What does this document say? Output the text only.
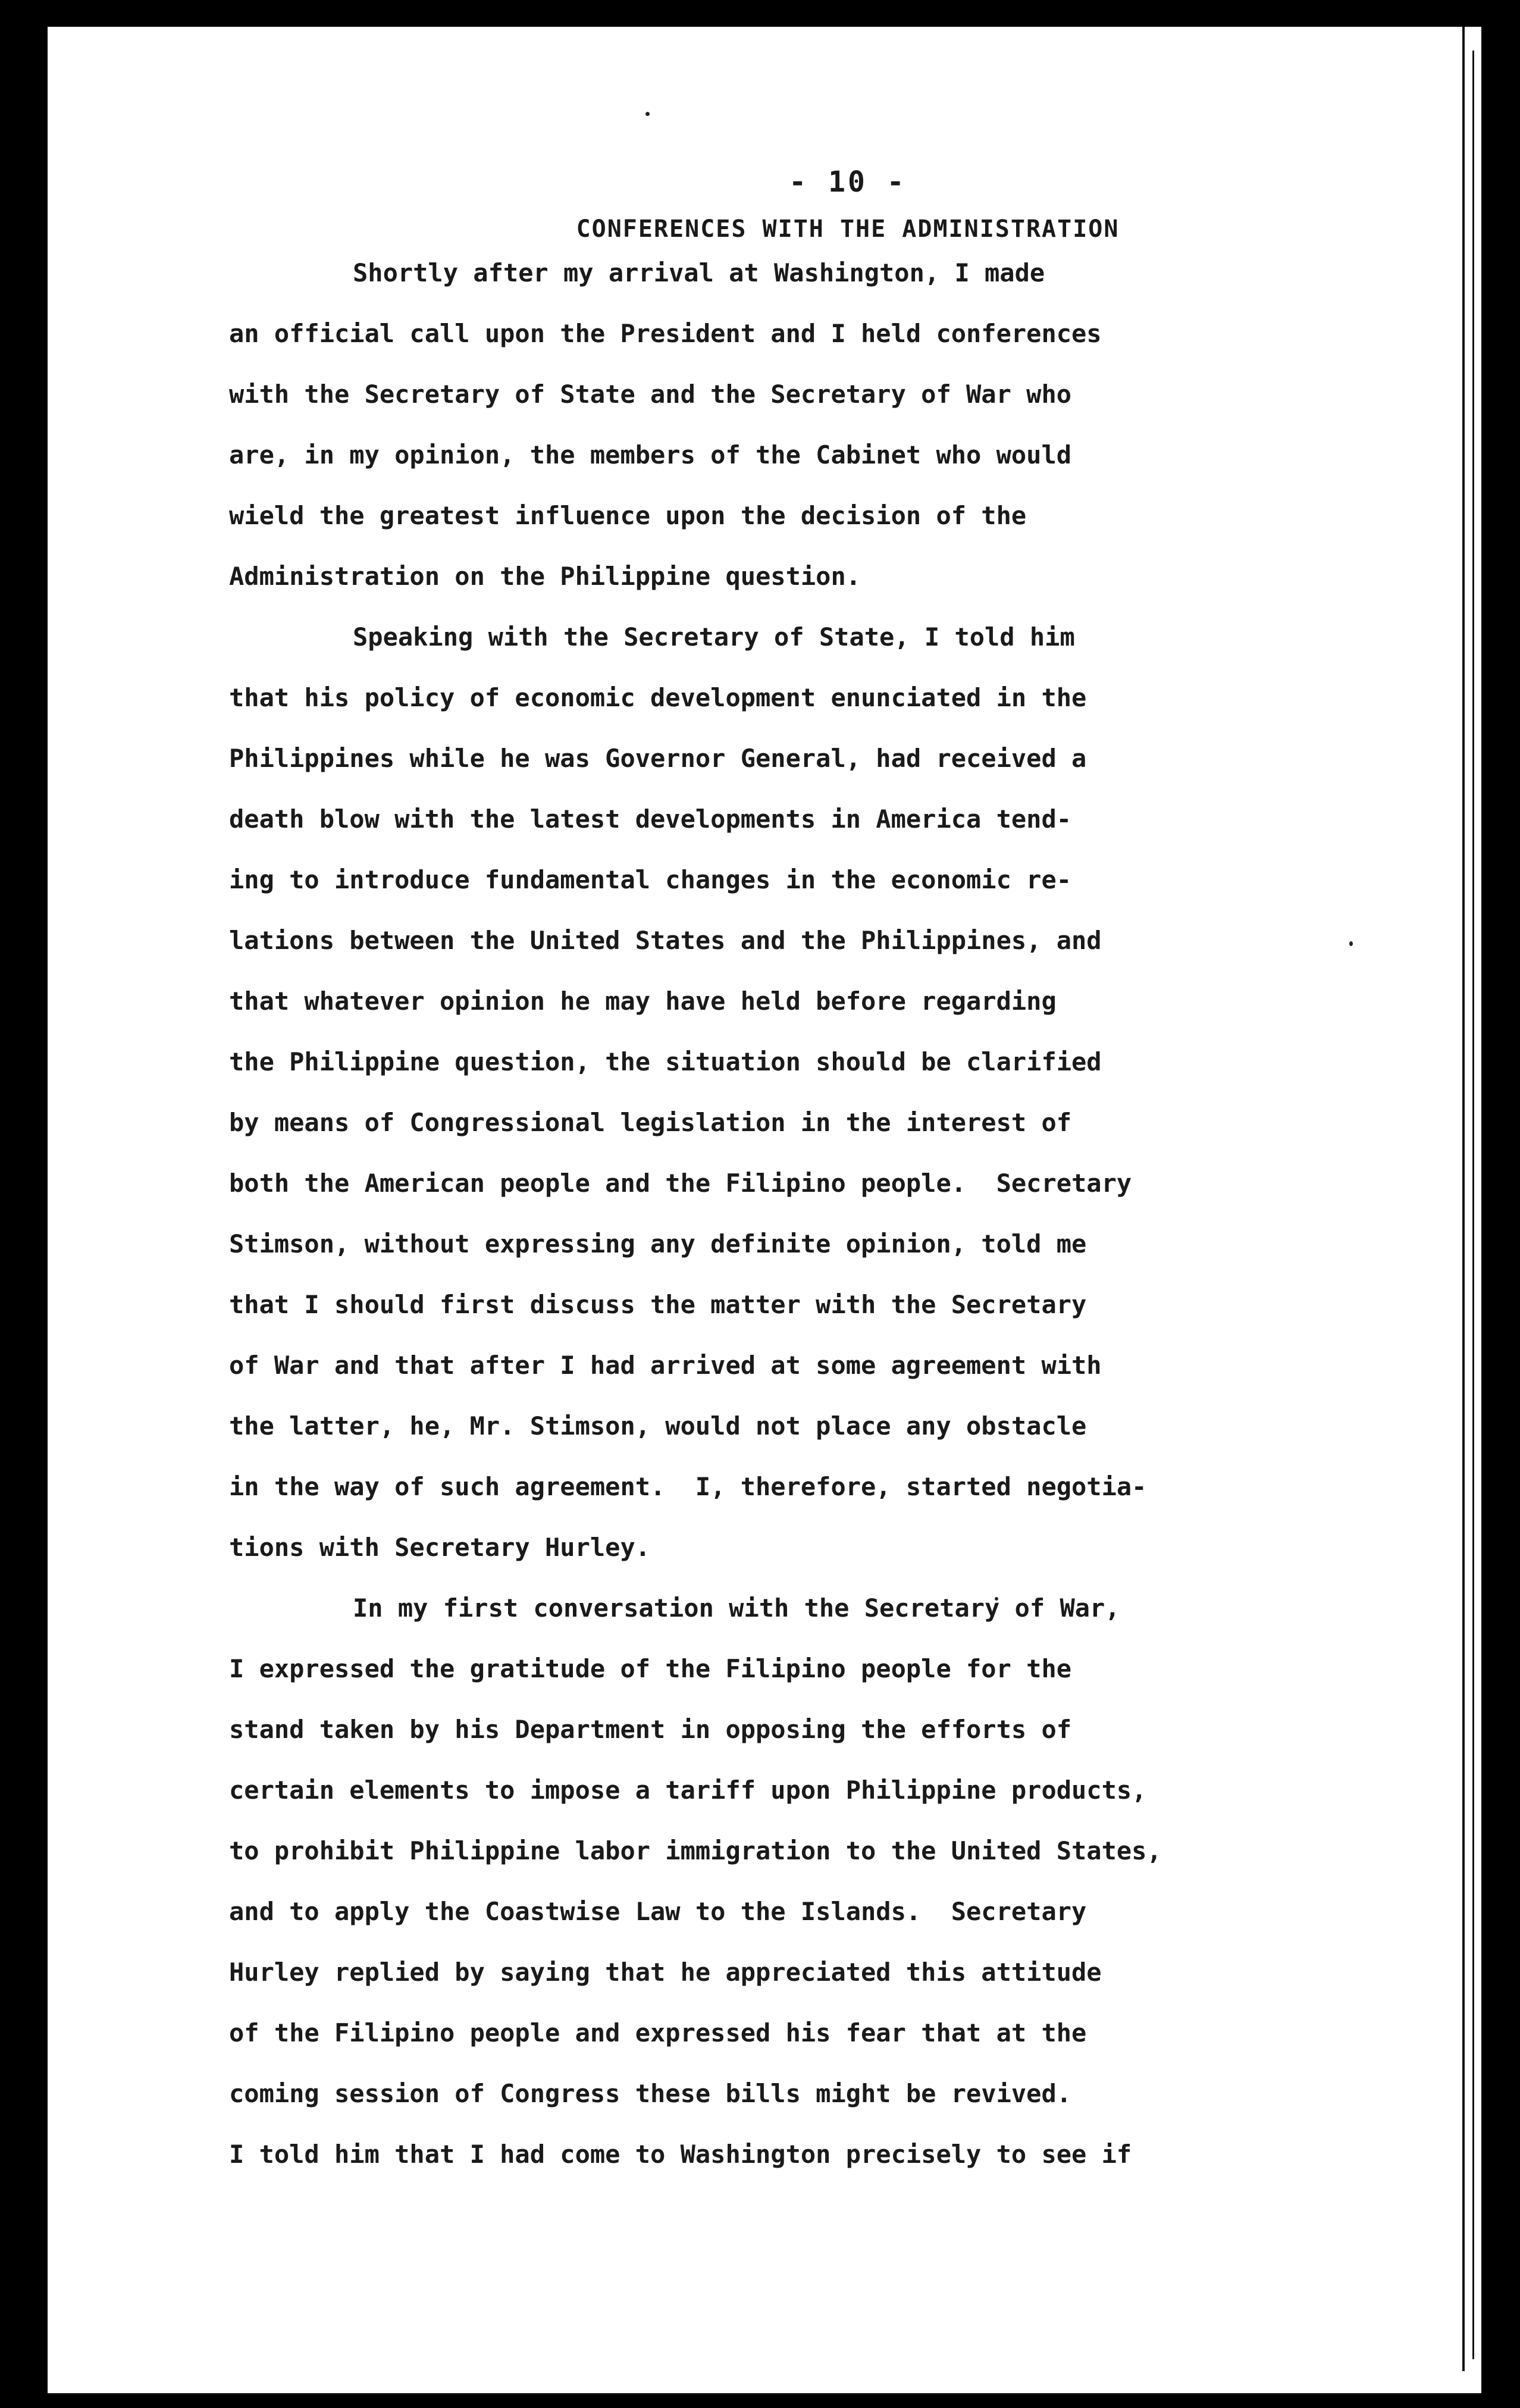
- 10 -
CONFERENCES WITH THE ADMINISTRATION

Shortly after my arrival at Washington, I made

an official call upon the President and I held conferences

with the Secretary of State and the Secretary of War who

are, in my opinion, the members of the Cabinet who would

wield the greatest influence upon the decision of the

Administration on the Philippine question.

Speaking with the Secretary of State, I told him

that his policy of economic development enunciated in the

Philippines while he was Governor General, had received a

death blow with the latest developments in America tend-

ing to introduce fundamental changes in the economic re-

lations between the United States and the Philippines, and

that whatever opinion he may have held before regarding

the Philippine question, the situation should be clarified

by means of Congressional legislation in the interest of

both the American people and the Filipino people.  Secretary

Stimson, without expressing any definite opinion, told me

that I should first discuss the matter with the Secretary

of War and that after I had arrived at some agreement with

the latter, he, Mr. Stimson, would not place any obstacle

in the way of such agreement.  I, therefore, started negotia-

tions with Secretary Hurley.

In my first conversation with the Secretary of War,

I expressed the gratitude of the Filipino people for the

stand taken by his Department in opposing the efforts of

certain elements to impose a tariff upon Philippine products,

to prohibit Philippine labor immigration to the United States,

and to apply the Coastwise Law to the Islands.  Secretary

Hurley replied by saying that he appreciated this attitude

of the Filipino people and expressed his fear that at the

coming session of Congress these bills might be revived.

I told him that I had come to Washington precisely to see if
